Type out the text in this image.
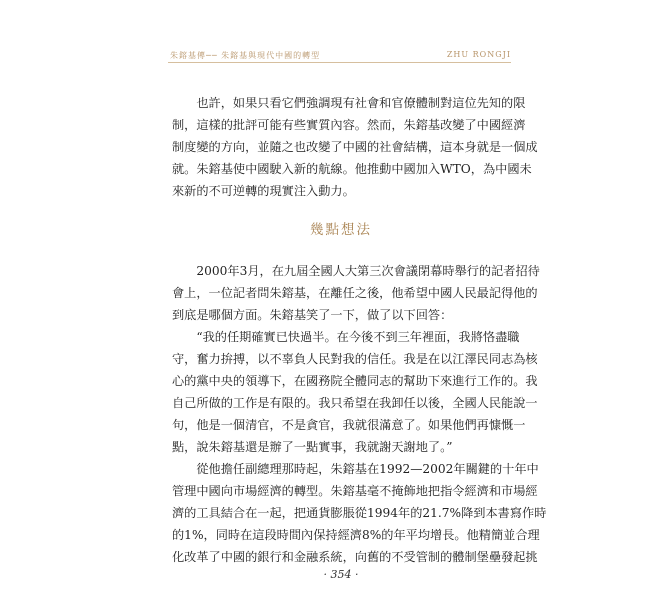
朱鎔基傳── 朱鎔基與現代中國的轉型	ZHU RONGJI

　　也許，如果只看它們強調現有社會和官僚體制對這位先知的限
制，這樣的批評可能有些實質內容。然而，朱鎔基改變了中國經濟
制度變的方向，並隨之也改變了中國的社會結構，這本身就是一個成
就。朱鎔基使中國駛入新的航線。他推動中國加入WTO，為中國未
來新的不可逆轉的現實注入動力。

幾點想法

　　2000年3月，在九屆全國人大第三次會議閉幕時舉行的記者招待
會上，一位記者問朱鎔基，在離任之後，他希望中國人民最記得他的
到底是哪個方面。朱鎔基笑了一下，做了以下回答：

　　“我的任期確實已快過半。在今後不到三年裡面，我將恪盡職
守，奮力拚搏，以不辜負人民對我的信任。我是在以江澤民同志為核
心的黨中央的領導下，在國務院全體同志的幫助下來進行工作的。我
自己所做的工作是有限的。我只希望在我卸任以後，全國人民能說一
句，他是一個清官，不是貪官，我就很滿意了。如果他們再慷慨一
點，說朱鎔基還是辦了一點實事，我就謝天謝地了。”

　　從他擔任副總理那時起，朱鎔基在1992—2002年關鍵的十年中
管理中國向市場經濟的轉型。朱鎔基毫不掩飾地把指令經濟和市場經
濟的工具結合在一起，把通貨膨脹從1994年的21.7%降到本書寫作時
的1%，同時在這段時間內保持經濟8%的年平均增長。他精簡並合理
化改革了中國的銀行和金融系統，向舊的不受管制的體制堡壘發起挑

· 354 ·
